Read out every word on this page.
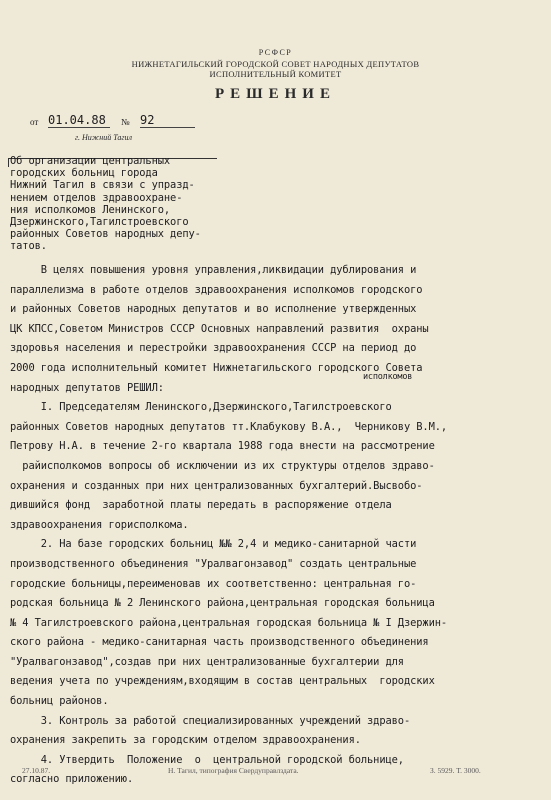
РСФСР
НИЖНЕТАГИЛЬСКИЙ ГОРОДСКОЙ СОВЕТ НАРОДНЫХ ДЕПУТАТОВ
ИСПОЛНИТЕЛЬНЫЙ КОМИТЕТ
РЕШЕНИЕ
от 01.04.88	№ 92
г. Нижний Тагил
Об организации центральных
городских больниц города
Нижний Тагил в связи с упразд-
нением отделов здравоохране-
ния исполкомов Ленинского,
Дзержинского,Тагилстроевского
районных Советов народных депу-
татов.
исполкомов
В целях повышения уровня управления,ликвидации дублирования и
параллелизма в работе отделов здравоохранения исполкомов городского
и районных Советов народных депутатов и во исполнение утвержденных
ЦК КПСС,Советом Министров СССР Основных направлений развития  охраны
здоровья населения и перестройки здравоохранения СССР на период до
2000 года исполнительный комитет Нижнетагильского городского Совета
народных депутатов РЕШИЛ:
I. Председателям Ленинского,Дзержинского,Тагилстроевского
районных Советов народных депутатов тт.Клабукову В.А.,  Черникову В.М.,
Петрову Н.А. в течение 2-го квартала 1988 года внести на рассмотрение
райисполкомов вопросы об исключении из их структуры отделов здраво-
охранения и созданных при них централизованных бухгалтерий.Высвобо-
дившийся фонд  заработной платы передать в распоряжение отдела
здравоохранения горисполкома.
2. На базе городских больниц №№ 2,4 и медико-санитарной части
производственного объединения "Уралвагонзавод" создать центральные
городские больницы,переименовав их соответственно: центральная го-
родская больница № 2 Ленинского района,центральная городская больница
№ 4 Тагилстроевского района,центральная городская больница № I Дзержин-
ского района - медико-санитарная часть производственного объединения
"Уралвагонзавод",создав при них централизованные бухгалтерии для
ведения учета по учреждениям,входящим в состав центральных  городских
больниц районов.
3. Контроль за работой специализированных учреждений здраво-
охранения закрепить за городским отделом здравоохранения.
4. Утвердить  Положение  о  центральной городской больнице,
согласно приложению.
27.10.87.	Н. Тагил, типография Свердуправлздата.	З. 5929. Т. 3000.
